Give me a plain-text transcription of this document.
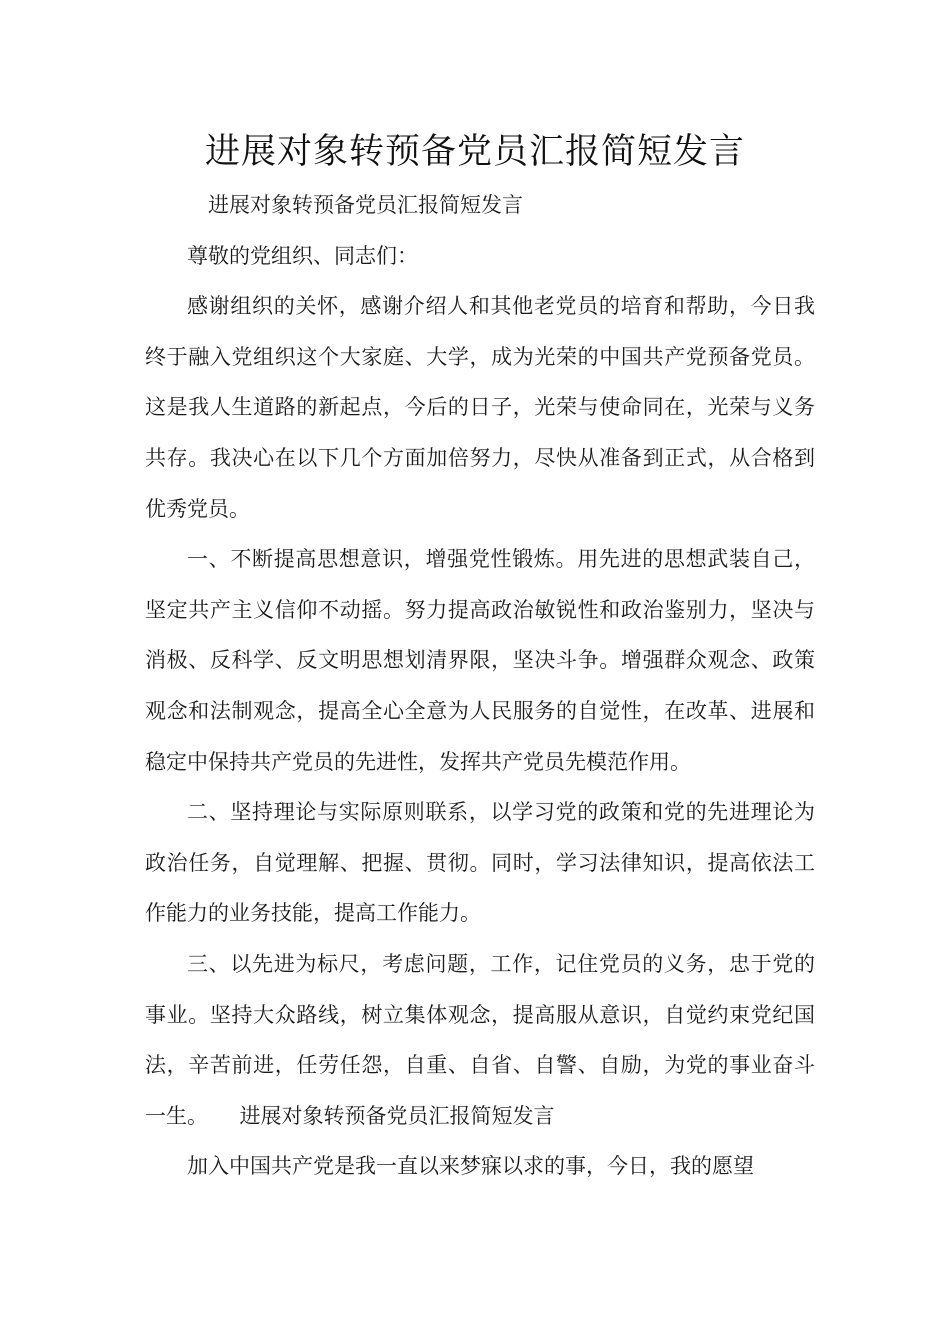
进展对象转预备党员汇报简短发言

进展对象转预备党员汇报简短发言

尊敬的党组织、同志们：

感谢组织的关怀，感谢介绍人和其他老党员的培育和帮助，今日我终于融入党组织这个大家庭、大学，成为光荣的中国共产党预备党员。这是我人生道路的新起点，今后的日子，光荣与使命同在，光荣与义务共存。我决心在以下几个方面加倍努力，尽快从准备到正式，从合格到优秀党员。

一、不断提高思想意识，增强党性锻炼。用先进的思想武装自己，坚定共产主义信仰不动摇。努力提高政治敏锐性和政治鉴别力，坚决与消极、反科学、反文明思想划清界限，坚决斗争。增强群众观念、政策观念和法制观念，提高全心全意为人民服务的自觉性，在改革、进展和稳定中保持共产党员的先进性，发挥共产党员先模范作用。

二、坚持理论与实际原则联系，以学习党的政策和党的先进理论为政治任务，自觉理解、把握、贯彻。同时，学习法律知识，提高依法工作能力的业务技能，提高工作能力。

三、以先进为标尺，考虑问题，工作，记住党员的义务，忠于党的事业。坚持大众路线，树立集体观念，提高服从意识，自觉约束党纪国法，辛苦前进，任劳任怨，自重、自省、自警、自励，为党的事业奋斗一生。　　进展对象转预备党员汇报简短发言

加入中国共产党是我一直以来梦寐以求的事，今日，我的愿望
